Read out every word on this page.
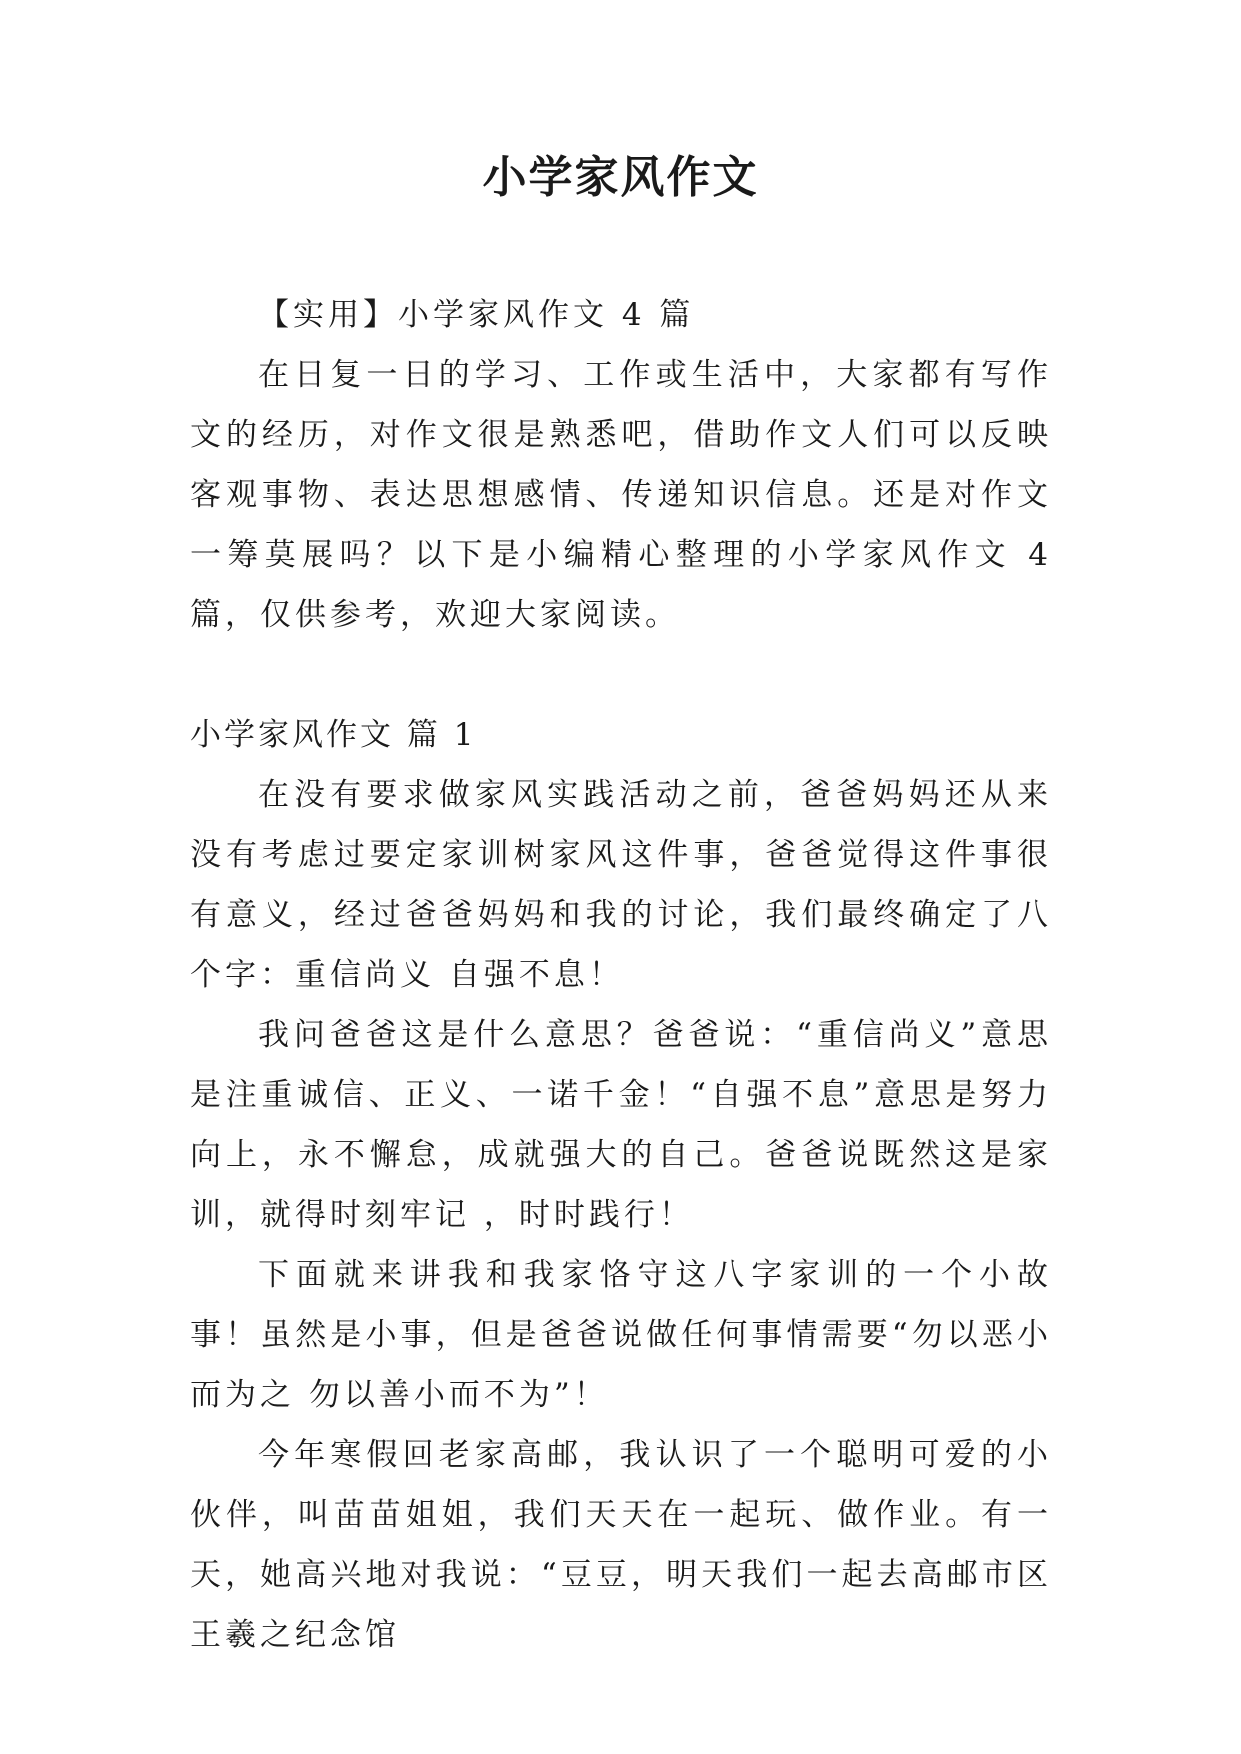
小学家风作文

【实用】小学家风作文 4 篇

在日复一日的学习、工作或生活中，大家都有写作文的经历，对作文很是熟悉吧，借助作文人们可以反映客观事物、表达思想感情、传递知识信息。还是对作文一筹莫展吗？以下是小编精心整理的小学家风作文 4 篇，仅供参考，欢迎大家阅读。

小学家风作文 篇 1

在没有要求做家风实践活动之前，爸爸妈妈还从来没有考虑过要定家训树家风这件事，爸爸觉得这件事很有意义，经过爸爸妈妈和我的讨论，我们最终确定了八个字：重信尚义 自强不息！

我问爸爸这是什么意思？爸爸说：“重信尚义”意思是注重诚信、正义、一诺千金！“自强不息”意思是努力向上，永不懈怠，成就强大的自己。爸爸说既然这是家训，就得时刻牢记 ，时时践行！

下面就来讲我和我家恪守这八字家训的一个小故事！虽然是小事，但是爸爸说做任何事情需要“勿以恶小而为之 勿以善小而不为”！

今年寒假回老家高邮，我认识了一个聪明可爱的小伙伴，叫苗苗姐姐，我们天天在一起玩、做作业。有一天，她高兴地对我说：“豆豆，明天我们一起去高邮市区王羲之纪念馆
